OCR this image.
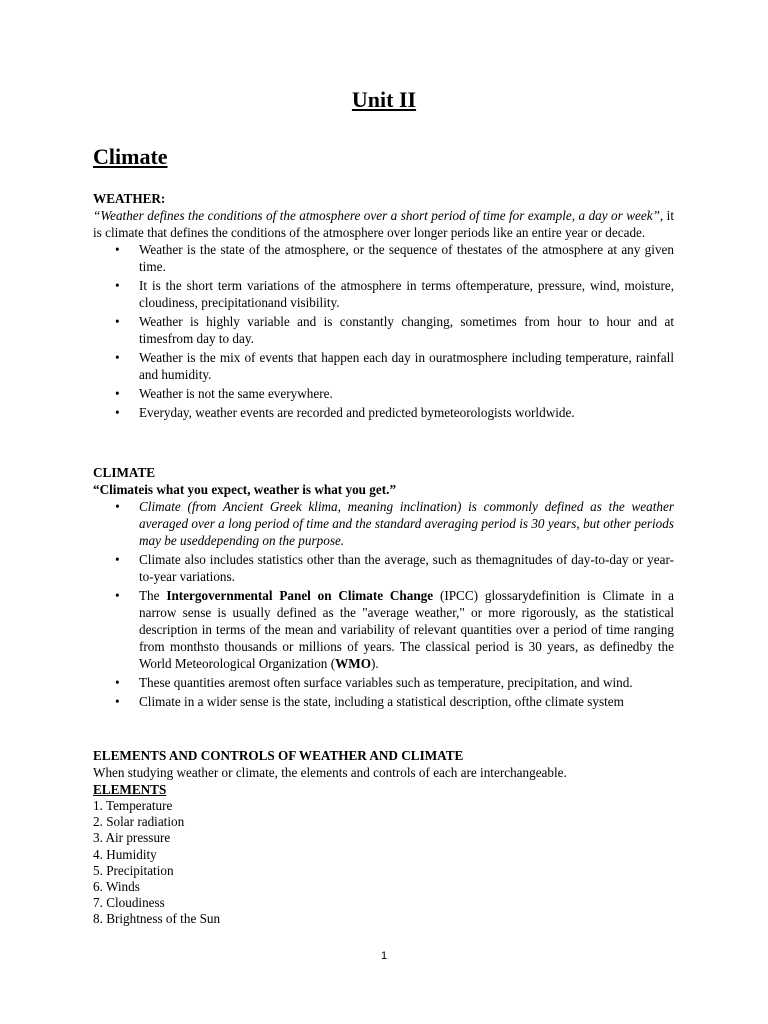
Unit II
Climate
WEATHER:
“Weather defines the conditions of the atmosphere over a short period of time for example, a day or week”, it is climate that defines the conditions of the atmosphere over longer periods like an entire year or decade.
• Weather is the state of the atmosphere, or the sequence of thestates of the atmosphere at any given time.
• It is the short term variations of the atmosphere in terms oftemperature, pressure, wind, moisture, cloudiness, precipitationand visibility.
• Weather is highly variable and is constantly changing, sometimes from hour to hour and at timesfrom day to day.
• Weather is the mix of events that happen each day in ouratmosphere including temperature, rainfall and humidity.
• Weather is not the same everywhere.
• Everyday, weather events are recorded and predicted bymeteorologists worldwide.
CLIMATE
“Climateis what you expect, weather is what you get.”
• Climate (from Ancient Greek klima, meaning inclination) is commonly defined as the weather averaged over a long period of time and the standard averaging period is 30 years, but other periods may be useddepending on the purpose.
• Climate also includes statistics other than the average, such as themagnitudes of day-to-day or year-to-year variations.
• The Intergovernmental Panel on Climate Change (IPCC) glossarydefinition is Climate in a narrow sense is usually defined as the "average weather," or more rigorously, as the statistical description in terms of the mean and variability of relevant quantities over a period of time ranging from monthsto thousands or millions of years. The classical period is 30 years, as definedby the World Meteorological Organization (WMO).
• These quantities aremost often surface variables such as temperature, precipitation, and wind.
• Climate in a wider sense is the state, including a statistical description, ofthe climate system
ELEMENTS AND CONTROLS OF WEATHER AND CLIMATE
When studying weather or climate, the elements and controls of each are interchangeable.
ELEMENTS
1. Temperature
2. Solar radiation
3. Air pressure
4. Humidity
5. Precipitation
6. Winds
7. Cloudiness
8. Brightness of the Sun
1
